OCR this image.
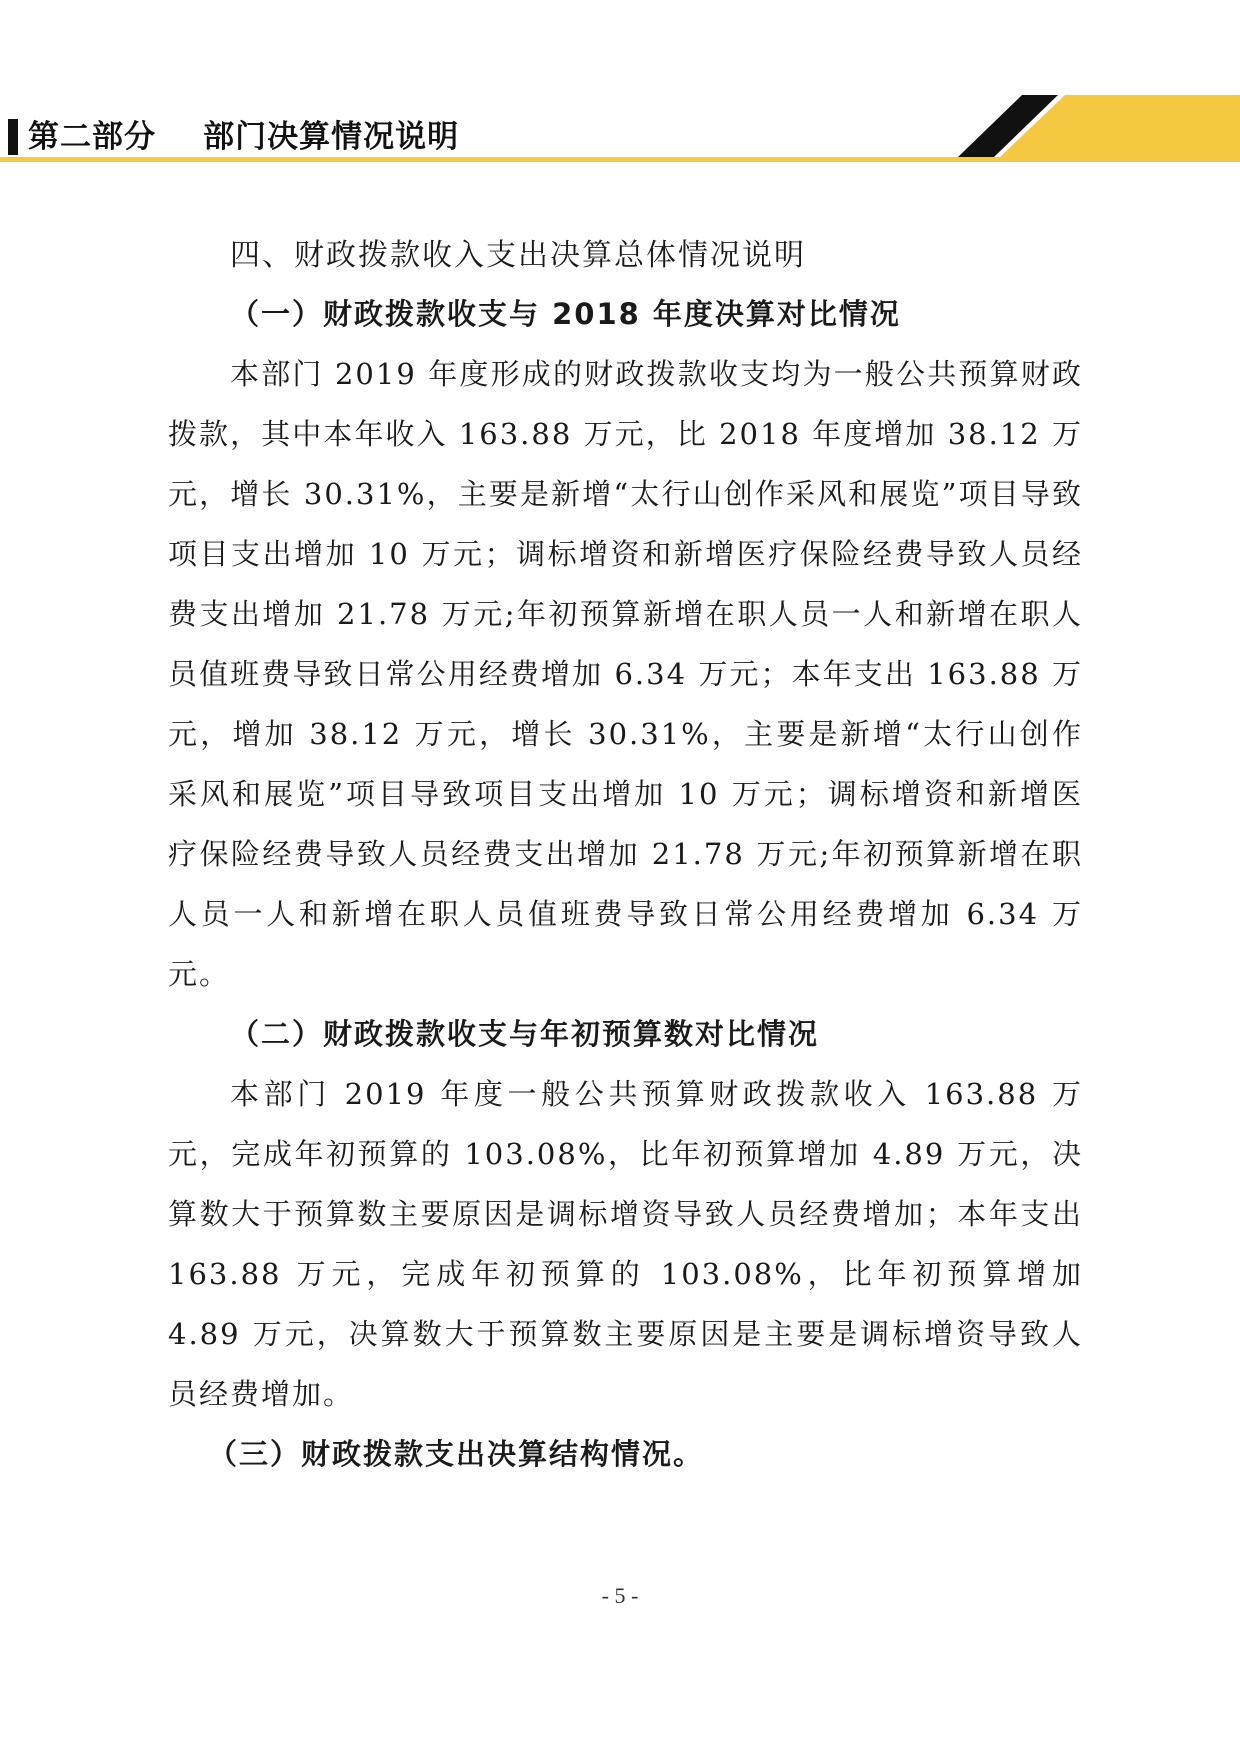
第二部分    部门决算情况说明
四、财政拨款收入支出决算总体情况说明
（一）财政拨款收支与 2018 年度决算对比情况

本部门 2019 年度形成的财政拨款收支均为一般公共预算财政拨款，其中本年收入 163.88 万元，比 2018 年度增加 38.12 万元，增长 30.31%，主要是新增“太行山创作采风和展览”项目导致项目支出增加 10 万元；调标增资和新增医疗保险经费导致人员经费支出增加 21.78 万元;年初预算新增在职人员一人和新增在职人员值班费导致日常公用经费增加 6.34 万元；本年支出 163.88 万元，增加 38.12 万元，增长 30.31%，主要是新增“太行山创作采风和展览”项目导致项目支出增加 10 万元；调标增资和新增医疗保险经费导致人员经费支出增加 21.78 万元;年初预算新增在职人员一人和新增在职人员值班费导致日常公用经费增加 6.34 万元。

（二）财政拨款收支与年初预算数对比情况

本部门 2019 年度一般公共预算财政拨款收入 163.88 万元，完成年初预算的 103.08%，比年初预算增加 4.89 万元，决算数大于预算数主要原因是调标增资导致人员经费增加；本年支出 163.88 万元，完成年初预算的 103.08%，比年初预算增加 4.89 万元，决算数大于预算数主要原因是主要是调标增资导致人员经费增加。

（三）财政拨款支出决算结构情况。
- 5 -
